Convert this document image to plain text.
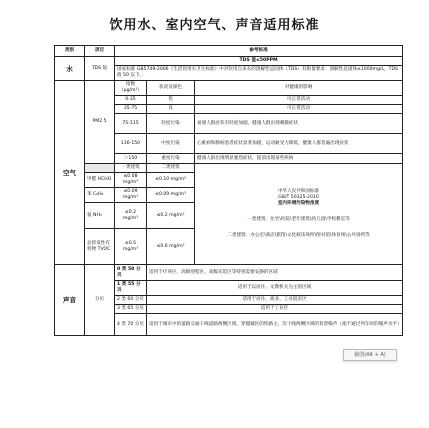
饮用水、室内空气、声音适用标准
类别	项目	参考标准		
水	TDS 值	TDS 值≤50PPM		
		国家标准 GB5749-2006《生活饮用水卫生标准》中对饮用自来水的溶解性总固体（TDS）有限量要求：溶解性总固体≤1000mg/L，TDS 值 50 以下。		
空气	PM2.5	指数（μg/m³）	状况及颜色	对健康的影响
		0-35	优	可正常活动
		35-75	良	可正常活动
		75-115	轻度污染	易感人群症状有轻度加剧，健康人群出现刺激症状
		116-150	中度污染	心脏病和肺病患者症状显著加剧，运动耐受力降低，健康人群普遍出现症状
		＞150	重度污染	健康人群出现明显强烈症状，提前出现某些疾病
		一类建筑	二类建筑	中华人民共和国标准
GB/T 50325-2010
室内环境污染物浓度
一类建筑：住宅\医院\老年建筑\幼儿园\学校教室等
二类建筑：办公室\商店\旅馆\文化娱乐场所\图书馆\体育场\公共场所等

	甲醛 HCHO	≤0.08 mg/m³	≤0.10 mg/m³	
	苯 C₆H₆	≤0.09 mg/m³	≤0.09 mg/m³	
	氨 NH₃	≤0.2 mg/m³	≤0.2 mg/m³	
	总挥发性有机物 TVOC	≤0.5 mg/m³	≤0.6 mg/m³	
声音	分贝	0 类 50 分贝	适用于疗养区、高级别墅区、高级宾馆区等特别需要安静的区域	
		1 类 55 分贝	适用于以居住、文教机关为主的区域	
		2 类 60 分贝	适用于居住、商业、工业混杂区	
		3 类 65 分贝	适用于工业区	
		4 类 70 分贝	适用于城市中的道路交通干线道路两侧区域，穿越城区的铁路主、次干线两侧区域的背景噪声（指不通过列车时的噪声水平）	
截图(Alt + A)
